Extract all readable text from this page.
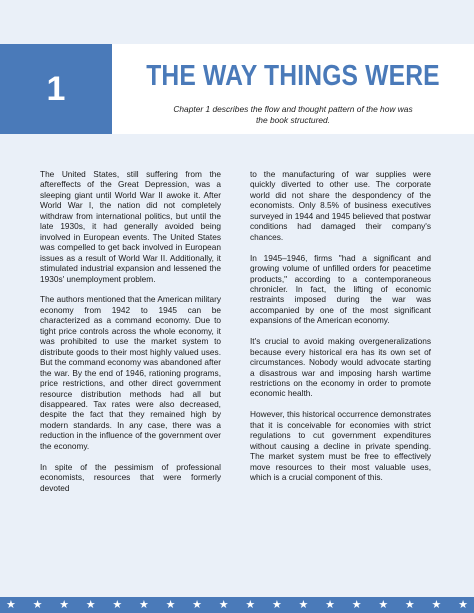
1	THE WAY THINGS WERE

Chapter 1 describes the flow and thought pattern of the how was the book structured.

The United States, still suffering from the aftereffects of the Great Depression, was a sleeping giant until World War II awoke it. After World War I, the nation did not completely withdraw from international politics, but until the late 1930s, it had generally avoided being involved in European events. The United States was compelled to get back involved in European issues as a result of World War II. Additionally, it stimulated industrial expansion and lessened the 1930s' unemployment problem.

The authors mentioned that the American military economy from 1942 to 1945 can be characterized as a command economy. Due to tight price controls across the whole economy, it was prohibited to use the market system to distribute goods to their most highly valued uses. But the command economy was abandoned after the war. By the end of 1946, rationing programs, price restrictions, and other direct government resource distribution methods had all but disappeared. Tax rates were also decreased, despite the fact that they remained high by modern standards. In any case, there was a reduction in the influence of the government over the economy.

In spite of the pessimism of professional economists, resources that were formerly devoted

to the manufacturing of war supplies were quickly diverted to other use. The corporate world did not share the despondency of the economists. Only 8.5% of business executives surveyed in 1944 and 1945 believed that postwar conditions had damaged their company's chances.

In 1945–1946, firms "had a significant and growing volume of unfilled orders for peacetime products," according to a contemporaneous chronicler. In fact, the lifting of economic restraints imposed during the war was accompanied by one of the most significant expansions of the American economy.

It's crucial to avoid making overgeneralizations because every historical era has its own set of circumstances. Nobody would advocate starting a disastrous war and imposing harsh wartime restrictions on the economy in order to promote economic health.

However, this historical occurrence demonstrates that it is conceivable for economies with strict regulations to cut government expenditures without causing a decline in private spending. The market system must be free to effectively move resources to their most valuable uses, which is a crucial component of this.

★ ★ ★ ★ ★ ★ ★ ★ ★ ★ ★ ★ ★ ★ ★ ★ ★ ★
